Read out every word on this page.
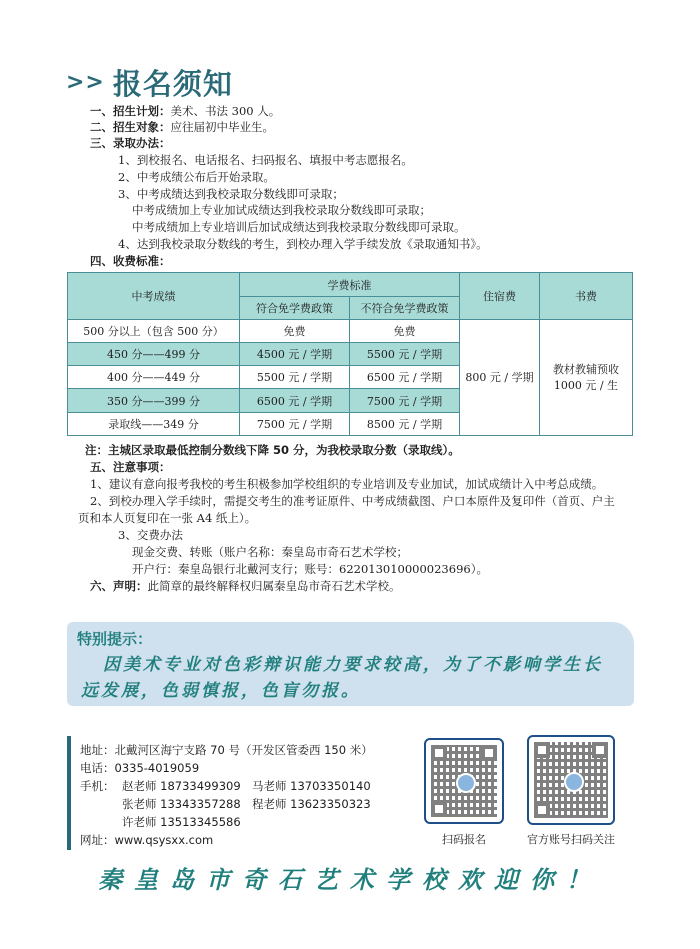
>> 报名须知
一、招生计划：美术、书法 300 人。
二、招生对象：应往届初中毕业生。
三、录取办法：
1、到校报名、电话报名、扫码报名、填报中考志愿报名。
2、中考成绩公布后开始录取。
3、中考成绩达到我校录取分数线即可录取；
中考成绩加上专业加试成绩达到我校录取分数线即可录取；
中考成绩加上专业培训后加试成绩达到我校录取分数线即可录取。
4、达到我校录取分数线的考生，到校办理入学手续发放《录取通知书》。
四、收费标准：
中考成绩	学费标准		住宿费	书费
	符合免学费政策	不符合免学费政策		
500 分以上（包含 500 分）	免费	免费	800 元 / 学期	教材教辅预收
1000 元 / 生

450 分——499 分	4500 元 / 学期	5500 元 / 学期		
400 分——449 分	5500 元 / 学期	6500 元 / 学期		
350 分——399 分	6500 元 / 学期	7500 元 / 学期		
录取线——349 分	7500 元 / 学期	8500 元 / 学期		
注：主城区录取最低控制分数线下降 50 分，为我校录取分数（录取线）。
五、注意事项：
1、建议有意向报考我校的考生积极参加学校组织的专业培训及专业加试，加试成绩计入中考总成绩。
2、到校办理入学手续时，需提交考生的准考证原件、中考成绩截图、户口本原件及复印件（首页、户主
页和本人页复印在一张 A4 纸上）。
3、交费办法
现金交费、转账（账户名称：秦皇岛市奇石艺术学校；
开户行：秦皇岛银行北戴河支行；账号：622013010000023696）。
六、声明：此简章的最终解释权归属秦皇岛市奇石艺术学校。
特别提示：
因美术专业对色彩辩识能力要求较高，为了不影响学生长远发展，色弱慎报，色盲勿报。
地址：北戴河区海宁支路 70 号（开发区管委西 150 米）
电话：0335-4019059
手机： 赵老师 18733499309 马老师 13703350140
张老师 13343357288 程老师 13623350323
许老师 13513345586
网址：www.qsysxx.com	扫码报名	官方账号扫码关注
秦皇岛市奇石艺术学校欢迎你！
